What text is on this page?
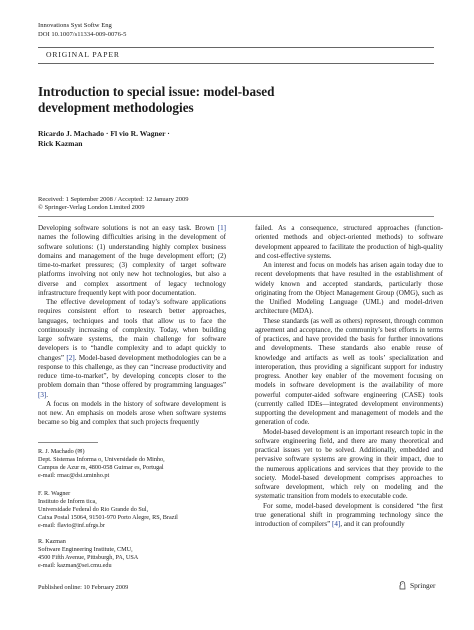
Innovations Syst Softw Eng
DOI 10.1007/s11334-009-0076-5
ORIGINAL PAPER
Introduction to special issue: model-based development methodologies
Ricardo J. Machado · Fl vio R. Wagner ·
Rick Kazman
Received: 1 September 2008 / Accepted: 12 January 2009
© Springer-Verlag London Limited 2009

Developing software solutions is not an easy task. Brown [1] names the following difficulties arising in the development of software solutions: (1) understanding highly complex business domains and management of the huge development effort; (2) time-to-market pressures; (3) complexity of target software platforms involving not only new hot technologies, but also a diverse and complex assortment of legacy technology infrastructure frequently kept with poor documentation.

The effective development of today’s software applications requires consistent effort to research better approaches, languages, techniques and tools that allow us to face the continuously increasing of complexity. Today, when building large software systems, the main challenge for software developers is to “handle complexity and to adapt quickly to changes” [2]. Model-based development methodologies can be a response to this challenge, as they can “increase productivity and reduce time-to-market”, by developing concepts closer to the problem domain than “those offered by programming languages” [3].

A focus on models in the history of software development is not new. An emphasis on models arose when software systems became so big and complex that such projects frequently

R. J. Machado (✉)
Dept. Sistemas Informa o, Universidade do Minho,
Campus de Azur m, 4800-058 Guimar es, Portugal
e-mail: rmac@dsi.uminho.pt
F. R. Wagner
Instituto de Inform tica,
Universidade Federal do Rio Grande do Sul,
Caixa Postal 15064, 91501-970 Porto Alegre, RS, Brazil
e-mail: flavio@inf.ufrgs.br
R. Kazman
Software Engineering Institute, CMU,
4500 Fifth Avenue, Pittsburgh, PA, USA
e-mail: kazman@sei.cmu.edu

failed. As a consequence, structured approaches (function-oriented methods and object-oriented methods) to software development appeared to facilitate the production of high-quality and cost-effective systems.

An interest and focus on models has arisen again today due to recent developments that have resulted in the establishment of widely known and accepted standards, particularly those originating from the Object Management Group (OMG), such as the Unified Modeling Language (UML) and model-driven architecture (MDA).

These standards (as well as others) represent, through common agreement and acceptance, the community’s best efforts in terms of practices, and have provided the basis for further innovations and developments. These standards also enable reuse of knowledge and artifacts as well as tools’ specialization and interoperation, thus providing a significant support for industry progress. Another key enabler of the movement focusing on models in software development is the availability of more powerful computer-aided software engineering (CASE) tools (currently called IDEs—integrated development environments) supporting the development and management of models and the generation of code.

Model-based development is an important research topic in the software engineering field, and there are many theoretical and practical issues yet to be solved. Additionally, embedded and pervasive software systems are growing in their impact, due to the numerous applications and services that they provide to the society. Model-based development comprises approaches to software development, which rely on modeling and the systematic transition from models to executable code.

For some, model-based development is considered “the first true generational shift in programming technology since the introduction of compilers” [4], and it can profoundly

Published online: 10 February 2009	Springer
